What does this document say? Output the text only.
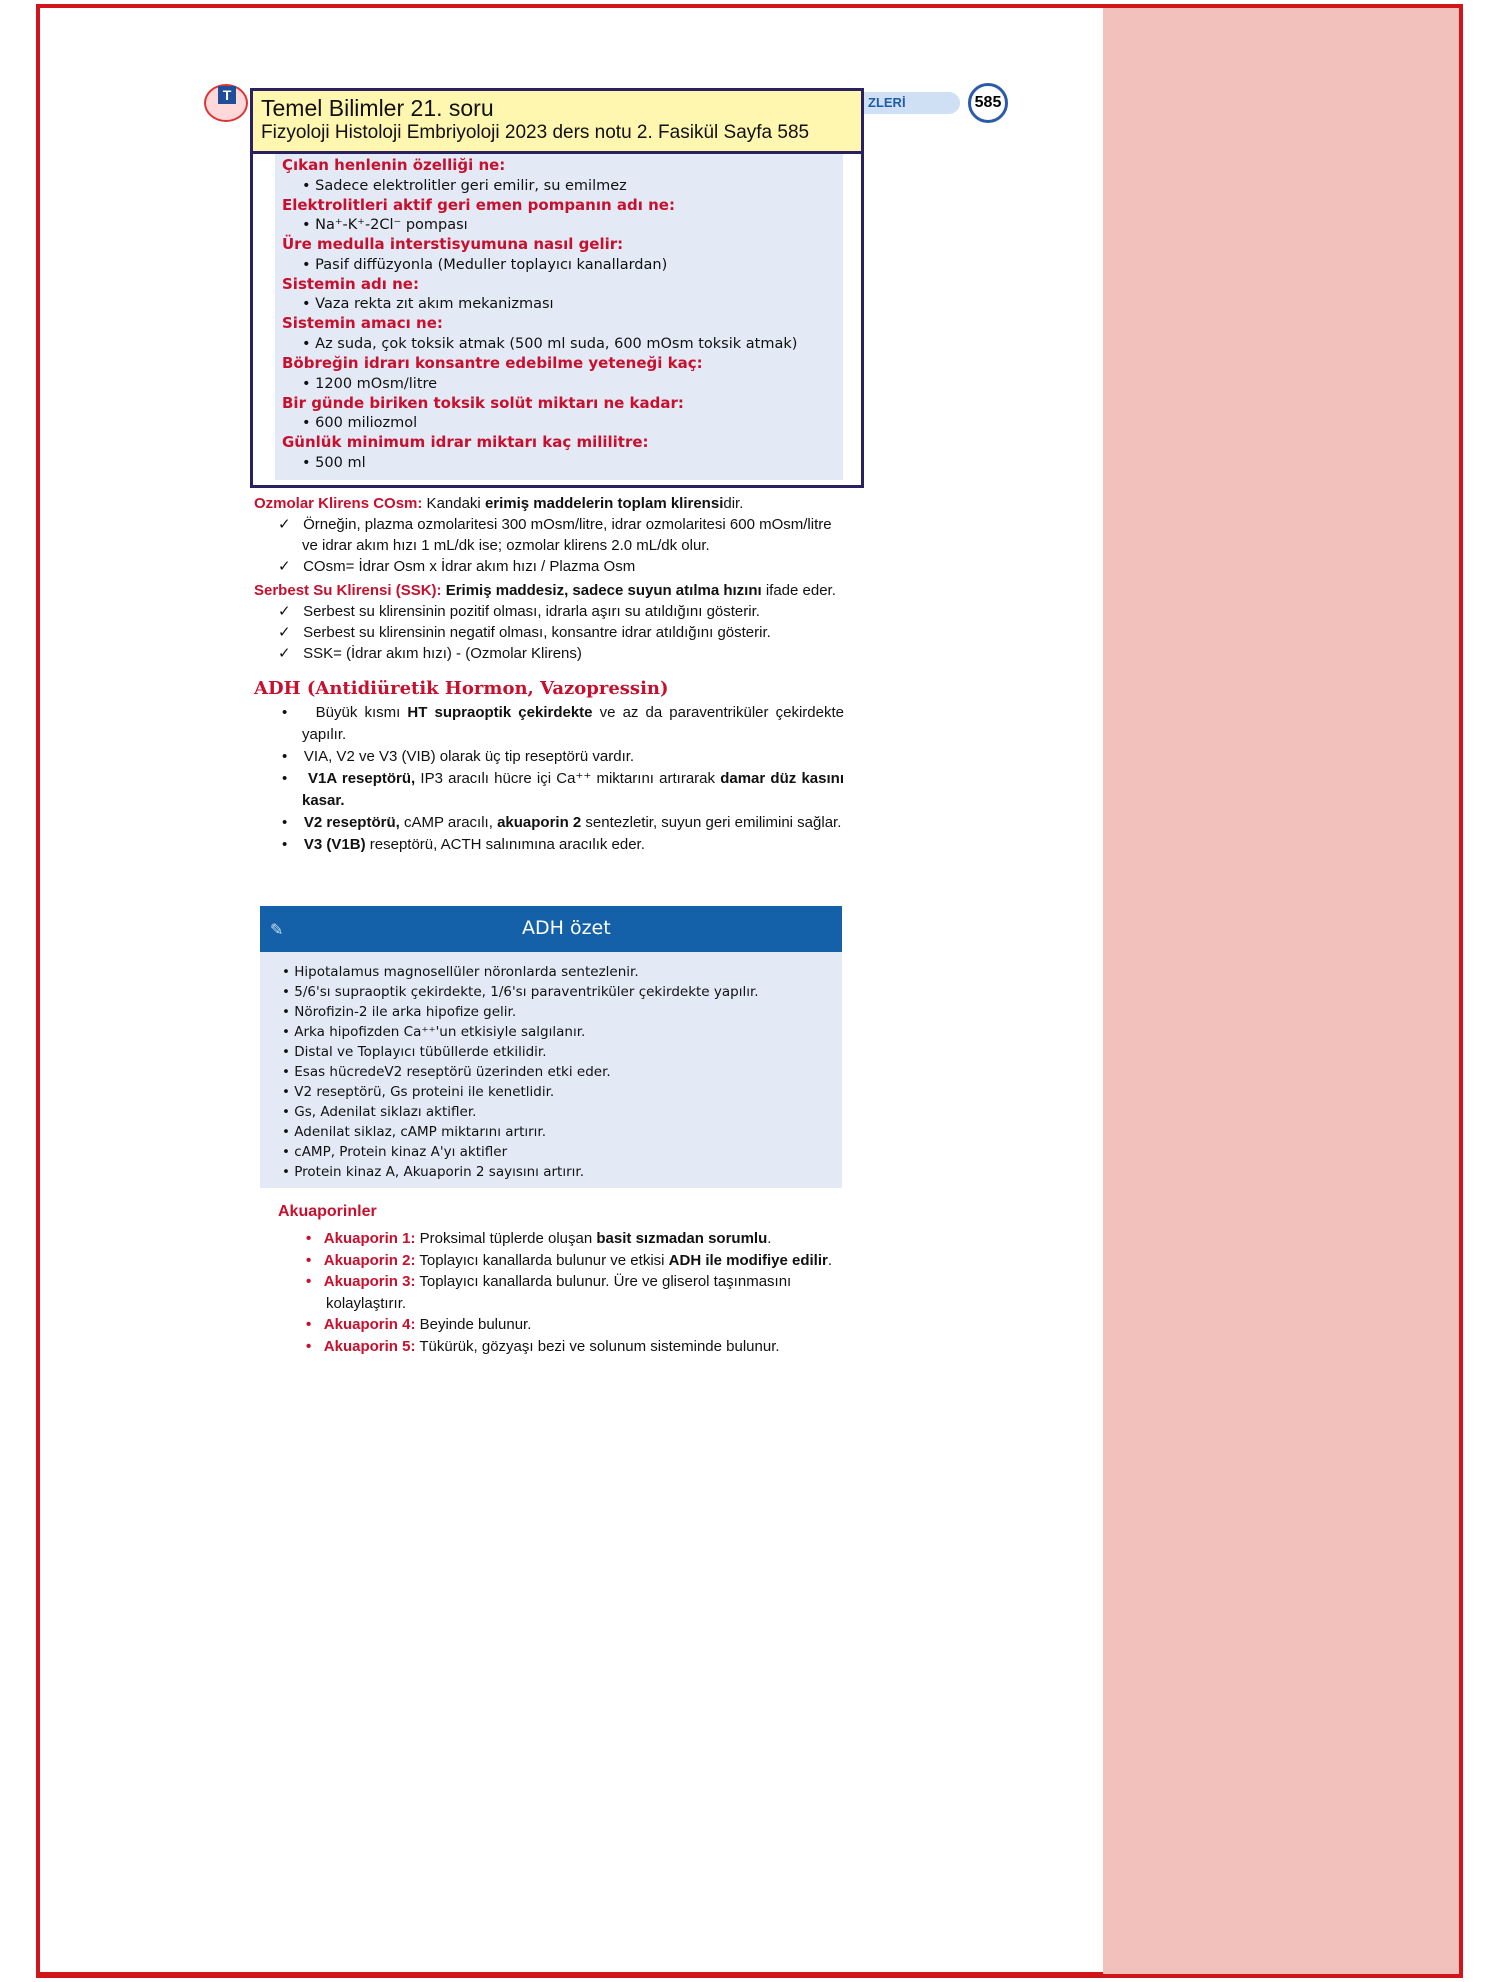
T	ZLERİ	585
Çıkan henlenin özelliği ne:
• Sadece elektrolitler geri emilir, su emilmez
Elektrolitleri aktif geri emen pompanın adı ne:
• Na⁺-K⁺-2Cl⁻ pompası
Üre medulla interstisyumuna nasıl gelir:
• Pasif diffüzyonla (Meduller toplayıcı kanallardan)
Sistemin adı ne:
• Vaza rekta zıt akım mekanizması
Sistemin amacı ne:
• Az suda, çok toksik atmak (500 ml suda, 600 mOsm toksik atmak)
Böbreğin idrarı konsantre edebilme yeteneği kaç:
• 1200 mOsm/litre
Bir günde biriken toksik solüt miktarı ne kadar:
• 600 miliozmol
Günlük minimum idrar miktarı kaç mililitre:
• 500 ml
Temel Bilimler 21. soru
Fizyoloji Histoloji Embriyoloji 2023 ders notu 2. Fasikül Sayfa 585
Ozmolar Klirens COsm: Kandaki erimiş maddelerin toplam klirensidir.
✓   Örneğin, plazma ozmolaritesi 300 mOsm/litre, idrar ozmolaritesi 600 mOsm/litre ve idrar akım hızı 1 mL/dk ise; ozmolar klirens 2.0 mL/dk olur.
✓   COsm= İdrar Osm x İdrar akım hızı / Plazma Osm
Serbest Su Klirensi (SSK): Erimiş maddesiz, sadece suyun atılma hızını ifade eder.
✓   Serbest su klirensinin pozitif olması, idrarla aşırı su atıldığını gösterir.
✓   Serbest su klirensinin negatif olması, konsantre idrar atıldığını gösterir.
✓   SSK= (İdrar akım hızı) - (Ozmolar Klirens)
ADH (Antidiüretik Hormon, Vazopressin)
•    Büyük kısmı HT supraoptik çekirdekte ve az da paraventriküler çekirdekte yapılır.
•    VIA, V2 ve V3 (VIB) olarak üç tip reseptörü vardır.
•    V1A reseptörü, IP3 aracılı hücre içi Ca⁺⁺ miktarını artırarak damar düz kasını kasar.
•    V2 reseptörü, cAMP aracılı, akuaporin 2 sentezletir, suyun geri emilimini sağlar.
•    V3 (V1B) reseptörü, ACTH salınımına aracılık eder.
✎	ADH özet
• Hipotalamus magnosellüler nöronlarda sentezlenir.
• 5/6'sı supraoptik çekirdekte, 1/6'sı paraventriküler çekirdekte yapılır.
• Nörofizin-2 ile arka hipofize gelir.
• Arka hipofizden Ca⁺⁺'un etkisiyle salgılanır.
• Distal ve Toplayıcı tübüllerde etkilidir.
• Esas hücredeV2 reseptörü üzerinden etki eder.
• V2 reseptörü, Gs proteini ile kenetlidir.
• Gs, Adenilat siklazı aktifler.
• Adenilat siklaz, cAMP miktarını artırır.
• cAMP, Protein kinaz A'yı aktifler
• Protein kinaz A, Akuaporin 2 sayısını artırır.
Akuaporinler
•   Akuaporin 1: Proksimal tüplerde oluşan basit sızmadan sorumlu.
•   Akuaporin 2: Toplayıcı kanallarda bulunur ve etkisi ADH ile modifiye edilir.
•   Akuaporin 3: Toplayıcı kanallarda bulunur. Üre ve gliserol taşınmasını kolaylaştırır.
•   Akuaporin 4: Beyinde bulunur.
•   Akuaporin 5: Tükürük, gözyaşı bezi ve solunum sisteminde bulunur.
